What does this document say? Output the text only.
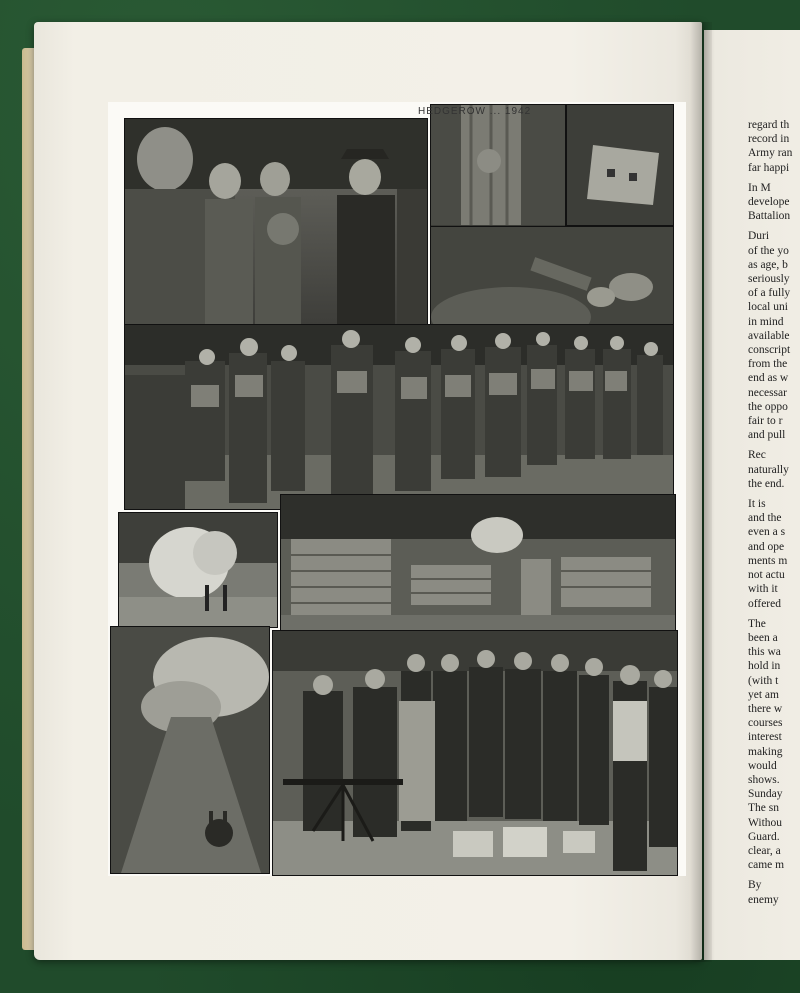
HEDGEROW ... 1942
regard th
record in
Army ran
far happi

In M
develope
Battalion

Duri
of the yo
as age, b
seriously
of a fully
local uni
in mind
available
conscript
from the
end as w
necessar
the oppo
fair to r
and pull

Rec
naturally
the end.

It is
and the
even a s
and ope
ments m
not actu
with it
offered

The
been a
this wa
hold in
(with t
yet am
there w
courses
interest
making
would
shows.
Sunday
The sn
Withou
Guard.
clear, a
came m

By
enemy
